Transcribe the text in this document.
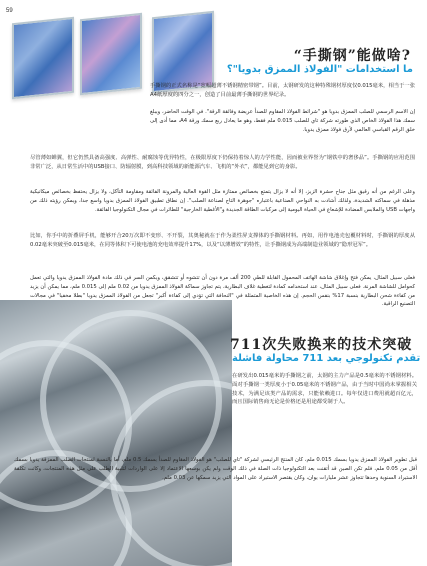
59
“手撕钢”能做啥?
ما استخدامات "الفولاذ الممزق بدويا"؟
手撕钢的正式名称是“宽幅超薄不锈钢精密带钢”。目前，太钢研发的这种特殊钢材厚度仅0.015毫米，相当于一张A4纸厚度的四分之一，创造了目前最薄手撕钢的世界纪录。
إن الاسم الرسمي للصلب الممزق بدويا هو "شرائط الفولاذ المقاوم للصدأ عريضة وفائقة الرقة". في الوقت الحاضر، ويبلغ سمك هذا الفولاذ الخاص الذي طورته شركة تاي للصلب 0.015 ملم فقط، وهو ما يعادل ربع سمك ورقة A4، مما أدى إلى خلق الرقم القياسي العالمي لأرق فولاذ ممزق يدويا.
尽管薄如蝉翼，但它仍然具备高强度、高弹性、耐腐蚀等优异特性，在极限厚度下仍保持着惊人的力学性能，因而被业界誉为“钢铁中的奢侈品”。手撕钢的应用范围非常广泛，从日常生活中的USB接口、防辐射膜，到高科技领域的新能源汽车、飞机的“外衣”，都能见到它的身影。
وعلى الرغم من أنه رقيق مثل جناح حشرة الزيز، إلا أنه لا يزال يتمتع بخصائص ممتازة مثل القوة العالية والمرونة الفائقة ومقاومة التآكل، ولا يزال يحتفظ بخصائص ميكانيكية مذهلة في سماكته الشديدة، ولذلك أشادت به النواحي الصناعية باعتباره "جوهرة التاج لصناعة الصلب". إن نطاق تطبيق الفولاذ الممزق بدويا واسع جدا، ويمكن رؤيته ذلك من واجهات USB والملابس المضادة للإشعاع في الحياة اليومية إلى مركبات الطاقة الجديدة و"الأغطية الخارجية" للطائرات في مجال التكنولوجيا الفائقة.
比如，你手中的折叠屏手机，能够开合20万次即不变形、不开裂，其奥秘就在于作为柔性屏支撑体的手撕钢材料。再如，用作电池壳包覆材料时，手撕钢的厚度从0.02毫米突破至0.015毫米，在同等体积下可使电池的充电效率提升17%，以及“以薄增效”的特性，让手撕钢成为高端制造业领域的“隐形冠军”。
فعلى سبيل المثال، يمكن فتح وإغلاق شاشة الهاتف المحمول القابلة للطي 200 ألف مرة دون أن تتشوه أو تتشقق، ويكمن السر في ذلك مادة الفولاذ الممزق يدويا والتي تعمل كحوامل للشاشة المرنة. فعلى سبيل المثال، عند استخدامه كمادة لتغطية غلاف البطارية، يتم تجاوز سماكة الفولاذ الممزق يدويا من 0.02 ملم إلى 0.015 ملم، مما يمكن أن يزيد من كفاءة شحن البطارية بنسبة 17% بنفس الحجم. إن هذه الخاصية المتمثلة في "النحافة التي تؤدي إلى كفاءة أكبر" تجعل من الفولاذ الممزق يدويا "بطلا مخفيا" في مجالات التصنيع الراقية.
711次失败换来的技术突破
تقدم تكنولوجي بعد 711 محاولة فاشلة
在研发出0.015毫米的手撕钢之前，太钢的主力产品是0.5毫米的不锈钢材料。面对手撕钢一类厚度小于0.05毫米的不锈钢产品，由于当时中国尚未掌握相关技术，为满足该类产品的需求，只能依赖进口。每年仅进口费用就超百亿元，而且国际销售商无论是价格还是用途都受制于人。
قبل تطوير الفولاذ الممزق يدويا بسمك 0.015 ملم، كان المنتج الرئيسي لشركة "تاي للصلب" هو الفولاذ المقاوم للصدأ بسمك 0.5 ملم، أما بالنسبة لمنتجات الصلب الممزقة يدويا بسمك أقل من 0.05 ملم، فلم تكن الصين قد أتقنت بعد التكنولوجيا ذات الصلة في ذلك الوقت ولم يكن بوسعها الاعتماد إلا على الواردات لتلبية الطلب على مثل هذه المنتجات، وكانت تكلفة الاستيراد السنوية وحدها تتجاوز عشر مليارات يوان، وكان يقتصر الاستيراد على المواد التي يزيد سمكها عن 0.03 ملم.
